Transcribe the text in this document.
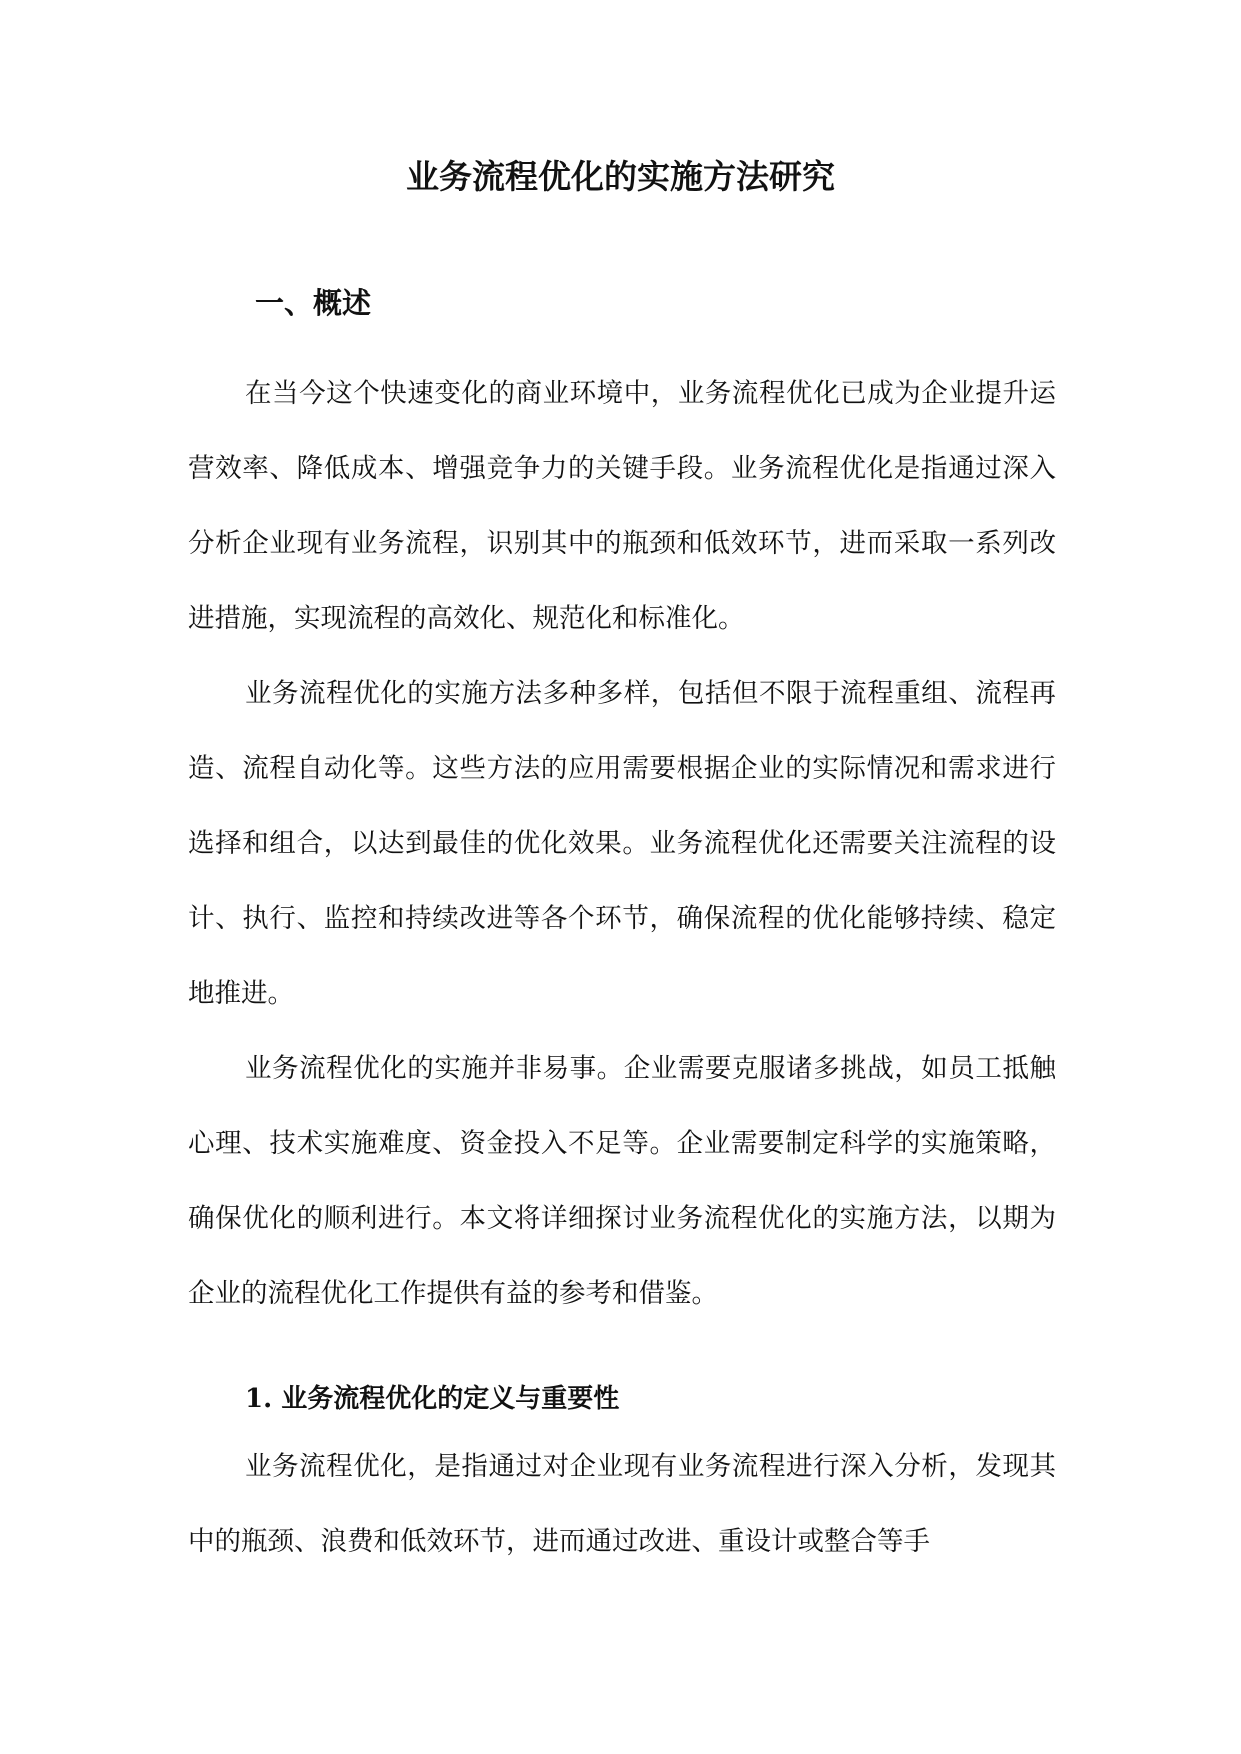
业务流程优化的实施方法研究
一、概述

在当今这个快速变化的商业环境中，业务流程优化已成为企业提升运营效率、降低成本、增强竞争力的关键手段。业务流程优化是指通过深入分析企业现有业务流程，识别其中的瓶颈和低效环节，进而采取一系列改进措施，实现流程的高效化、规范化和标准化。

业务流程优化的实施方法多种多样，包括但不限于流程重组、流程再造、流程自动化等。这些方法的应用需要根据企业的实际情况和需求进行选择和组合，以达到最佳的优化效果。业务流程优化还需要关注流程的设计、执行、监控和持续改进等各个环节，确保流程的优化能够持续、稳定地推进。

业务流程优化的实施并非易事。企业需要克服诸多挑战，如员工抵触心理、技术实施难度、资金投入不足等。企业需要制定科学的实施策略，确保优化的顺利进行。本文将详细探讨业务流程优化的实施方法，以期为企业的流程优化工作提供有益的参考和借鉴。

1. 业务流程优化的定义与重要性

业务流程优化，是指通过对企业现有业务流程进行深入分析，发现其中的瓶颈、浪费和低效环节，进而通过改进、重设计或整合等手
